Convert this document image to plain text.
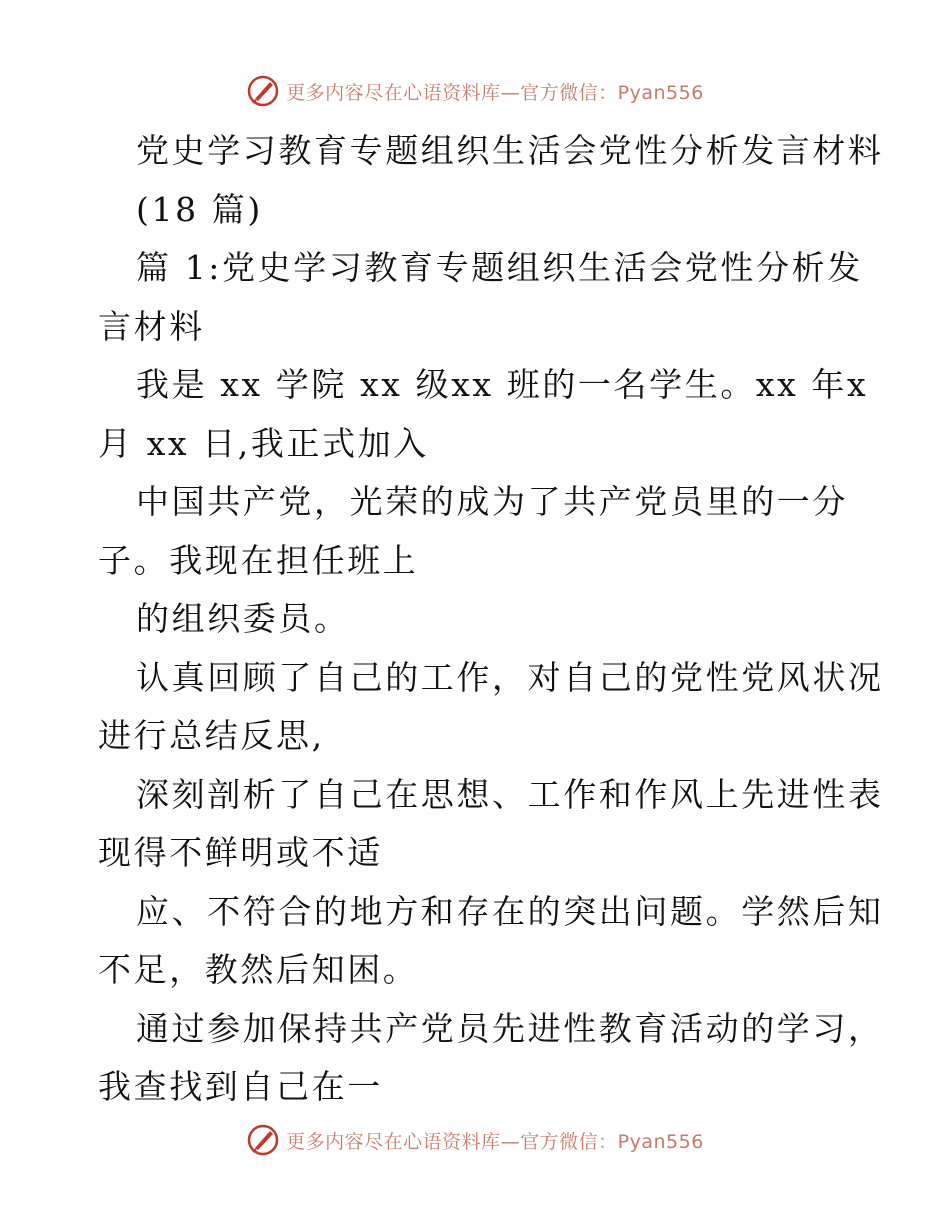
更多内容尽在心语资料库—官方微信：Pyan556
党史学习教育专题组织生活会党性分析发言材料
(18 篇)
篇 1:党史学习教育专题组织生活会党性分析发
言材料
我是 xx 学院 xx 级xx 班的一名学生。xx 年x
月 xx 日,我正式加入
中国共产党，光荣的成为了共产党员里的一分
子。我现在担任班上
的组织委员。
认真回顾了自己的工作，对自己的党性党风状况
进行总结反思,
深刻剖析了自己在思想、工作和作风上先进性表
现得不鲜明或不适
应、不符合的地方和存在的突出问题。学然后知
不足，教然后知困。
通过参加保持共产党员先进性教育活动的学习，
我查找到自己在一
更多内容尽在心语资料库—官方微信：Pyan556
